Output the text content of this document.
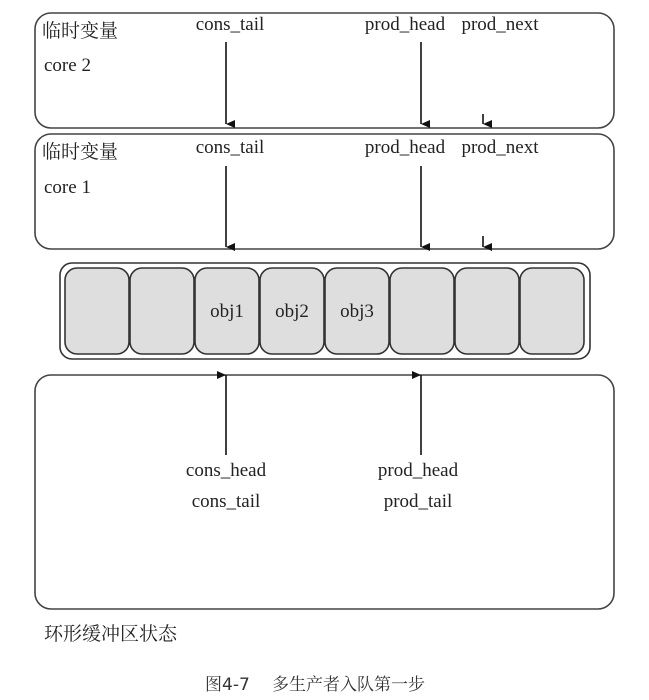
临时变量
core 2
cons_tail	prod_head prod_next
临时变量
core 1
cons_tail	prod_head prod_next
obj1 obj2 obj3
cons_head
cons_tail
prod_head
prod_tail
环形缓冲区状态
图4-7 多生产者入队第一步
